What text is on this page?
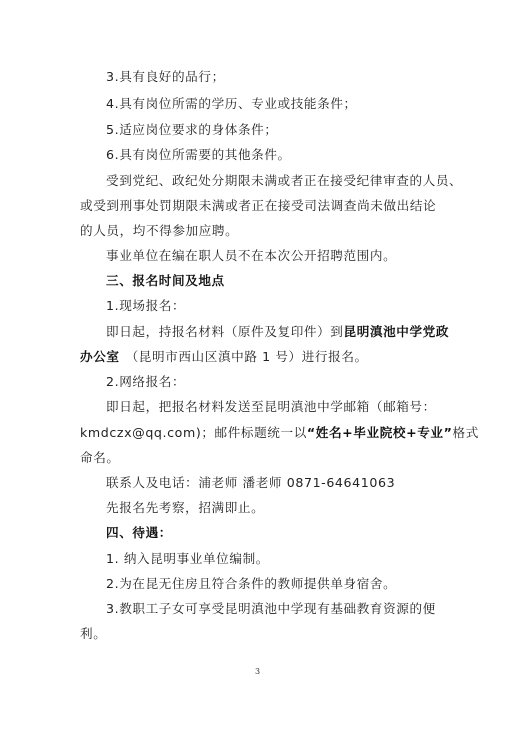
3.具有良好的品行；
4.具有岗位所需的学历、专业或技能条件；
5.适应岗位要求的身体条件；
6.具有岗位所需要的其他条件。
受到党纪、政纪处分期限未满或者正在接受纪律审查的人员、
或受到刑事处罚期限未满或者正在接受司法调查尚未做出结论
的人员，均不得参加应聘。
事业单位在编在职人员不在本次公开招聘范围内。
三、报名时间及地点
1.现场报名：
即日起，持报名材料（原件及复印件）到昆明滇池中学党政
办公室 （昆明市西山区滇中路 1 号）进行报名。
2.网络报名：
即日起，把报名材料发送至昆明滇池中学邮箱（邮箱号：
kmdczx@qq.com)；邮件标题统一以“姓名+毕业院校+专业”格式
命名。
联系人及电话：浦老师 潘老师 0871-64641063
先报名先考察，招满即止。
四、待遇：
1. 纳入昆明事业单位编制。
2.为在昆无住房且符合条件的教师提供单身宿舍。
3.教职工子女可享受昆明滇池中学现有基础教育资源的便
利。
3
